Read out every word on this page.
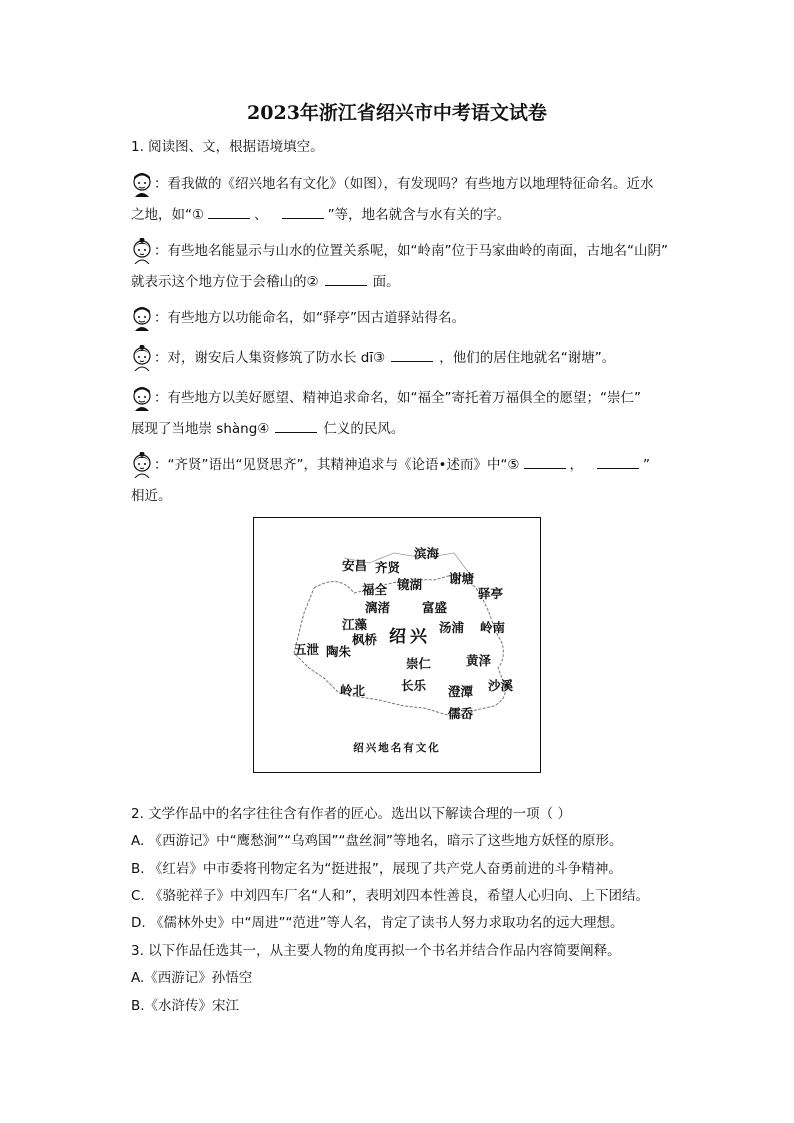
2023年浙江省绍兴市中考语文试卷
1. 阅读图、文，根据语境填空。
：看我做的《绍兴地名有文化》（如图），有发现吗？有些地方以地理特征命名。近水
之地，如“①	、	”等，地名就含与水有关的字。
：有些地名能显示与山水的位置关系呢，如“岭南”位于马家曲岭的南面，古地名“山阴”
就表示这个地方位于会稽山的②	面。
：有些地方以功能命名，如“驿亭”因古道驿站得名。
：对，谢安后人集资修筑了防水长 dī③	，他们的居住地就名“谢塘”。
：有些地方以美好愿望、精神追求命名，如“福全”寄托着万福俱全的愿望；“崇仁”
展现了当地崇 shàng④	仁义的民风。
：“齐贤”语出“见贤思齐”，其精神追求与《论语•述而》中“⑤	，	”
相近。
安昌 齐贤
滨海
福全 镜湖 谢塘
驿亭
漓渚	富盛
江藻	汤浦 岭南
绍兴
枫桥
五泄 陶朱
黄泽
崇仁
岭北	长乐 澄潭 沙溪
儒岙
绍兴地名有文化
2. 文学作品中的名字往往含有作者的匠心。选出以下解读合理的一项（ ）
A. 《西游记》中“鹰愁涧”“乌鸡国”“盘丝洞”等地名，暗示了这些地方妖怪的原形。
B. 《红岩》中市委将刊物定名为“挺进报”，展现了共产党人奋勇前进的斗争精神。
C. 《骆驼祥子》中刘四车厂名“人和”，表明刘四本性善良，希望人心归向、上下团结。
D. 《儒林外史》中“周进”“范进”等人名，肯定了读书人努力求取功名的远大理想。
3. 以下作品任选其一，从主要人物的角度再拟一个书名并结合作品内容简要阐释。
A.《西游记》孙悟空
B.《水浒传》宋江
